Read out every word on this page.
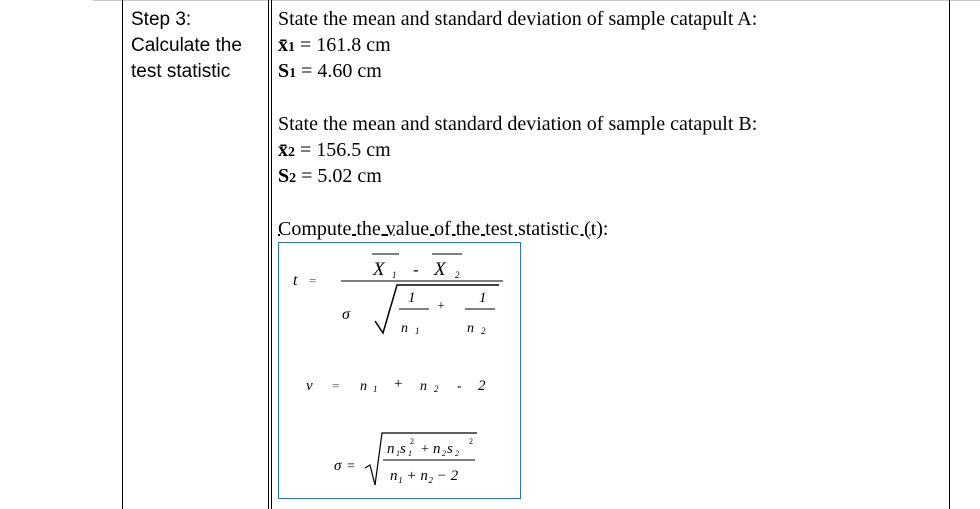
Step 3:
Calculate the
test statistic
State the mean and standard deviation of sample catapult A:
x̄1 = 161.8 cm
S1 = 4.60 cm
State the mean and standard deviation of sample catapult B:
x̄2 = 156.5 cm
S2 = 5.02 cm
Compute the value of the test statistic (t):
t =
X 1 - X 2
σ
1	1
+
n 1	n 2
ν = n 1 + n 2 - 2
σ =
n 1 s 1
2
+ n 2 s 2
2
n₁ + n₂ − 2
